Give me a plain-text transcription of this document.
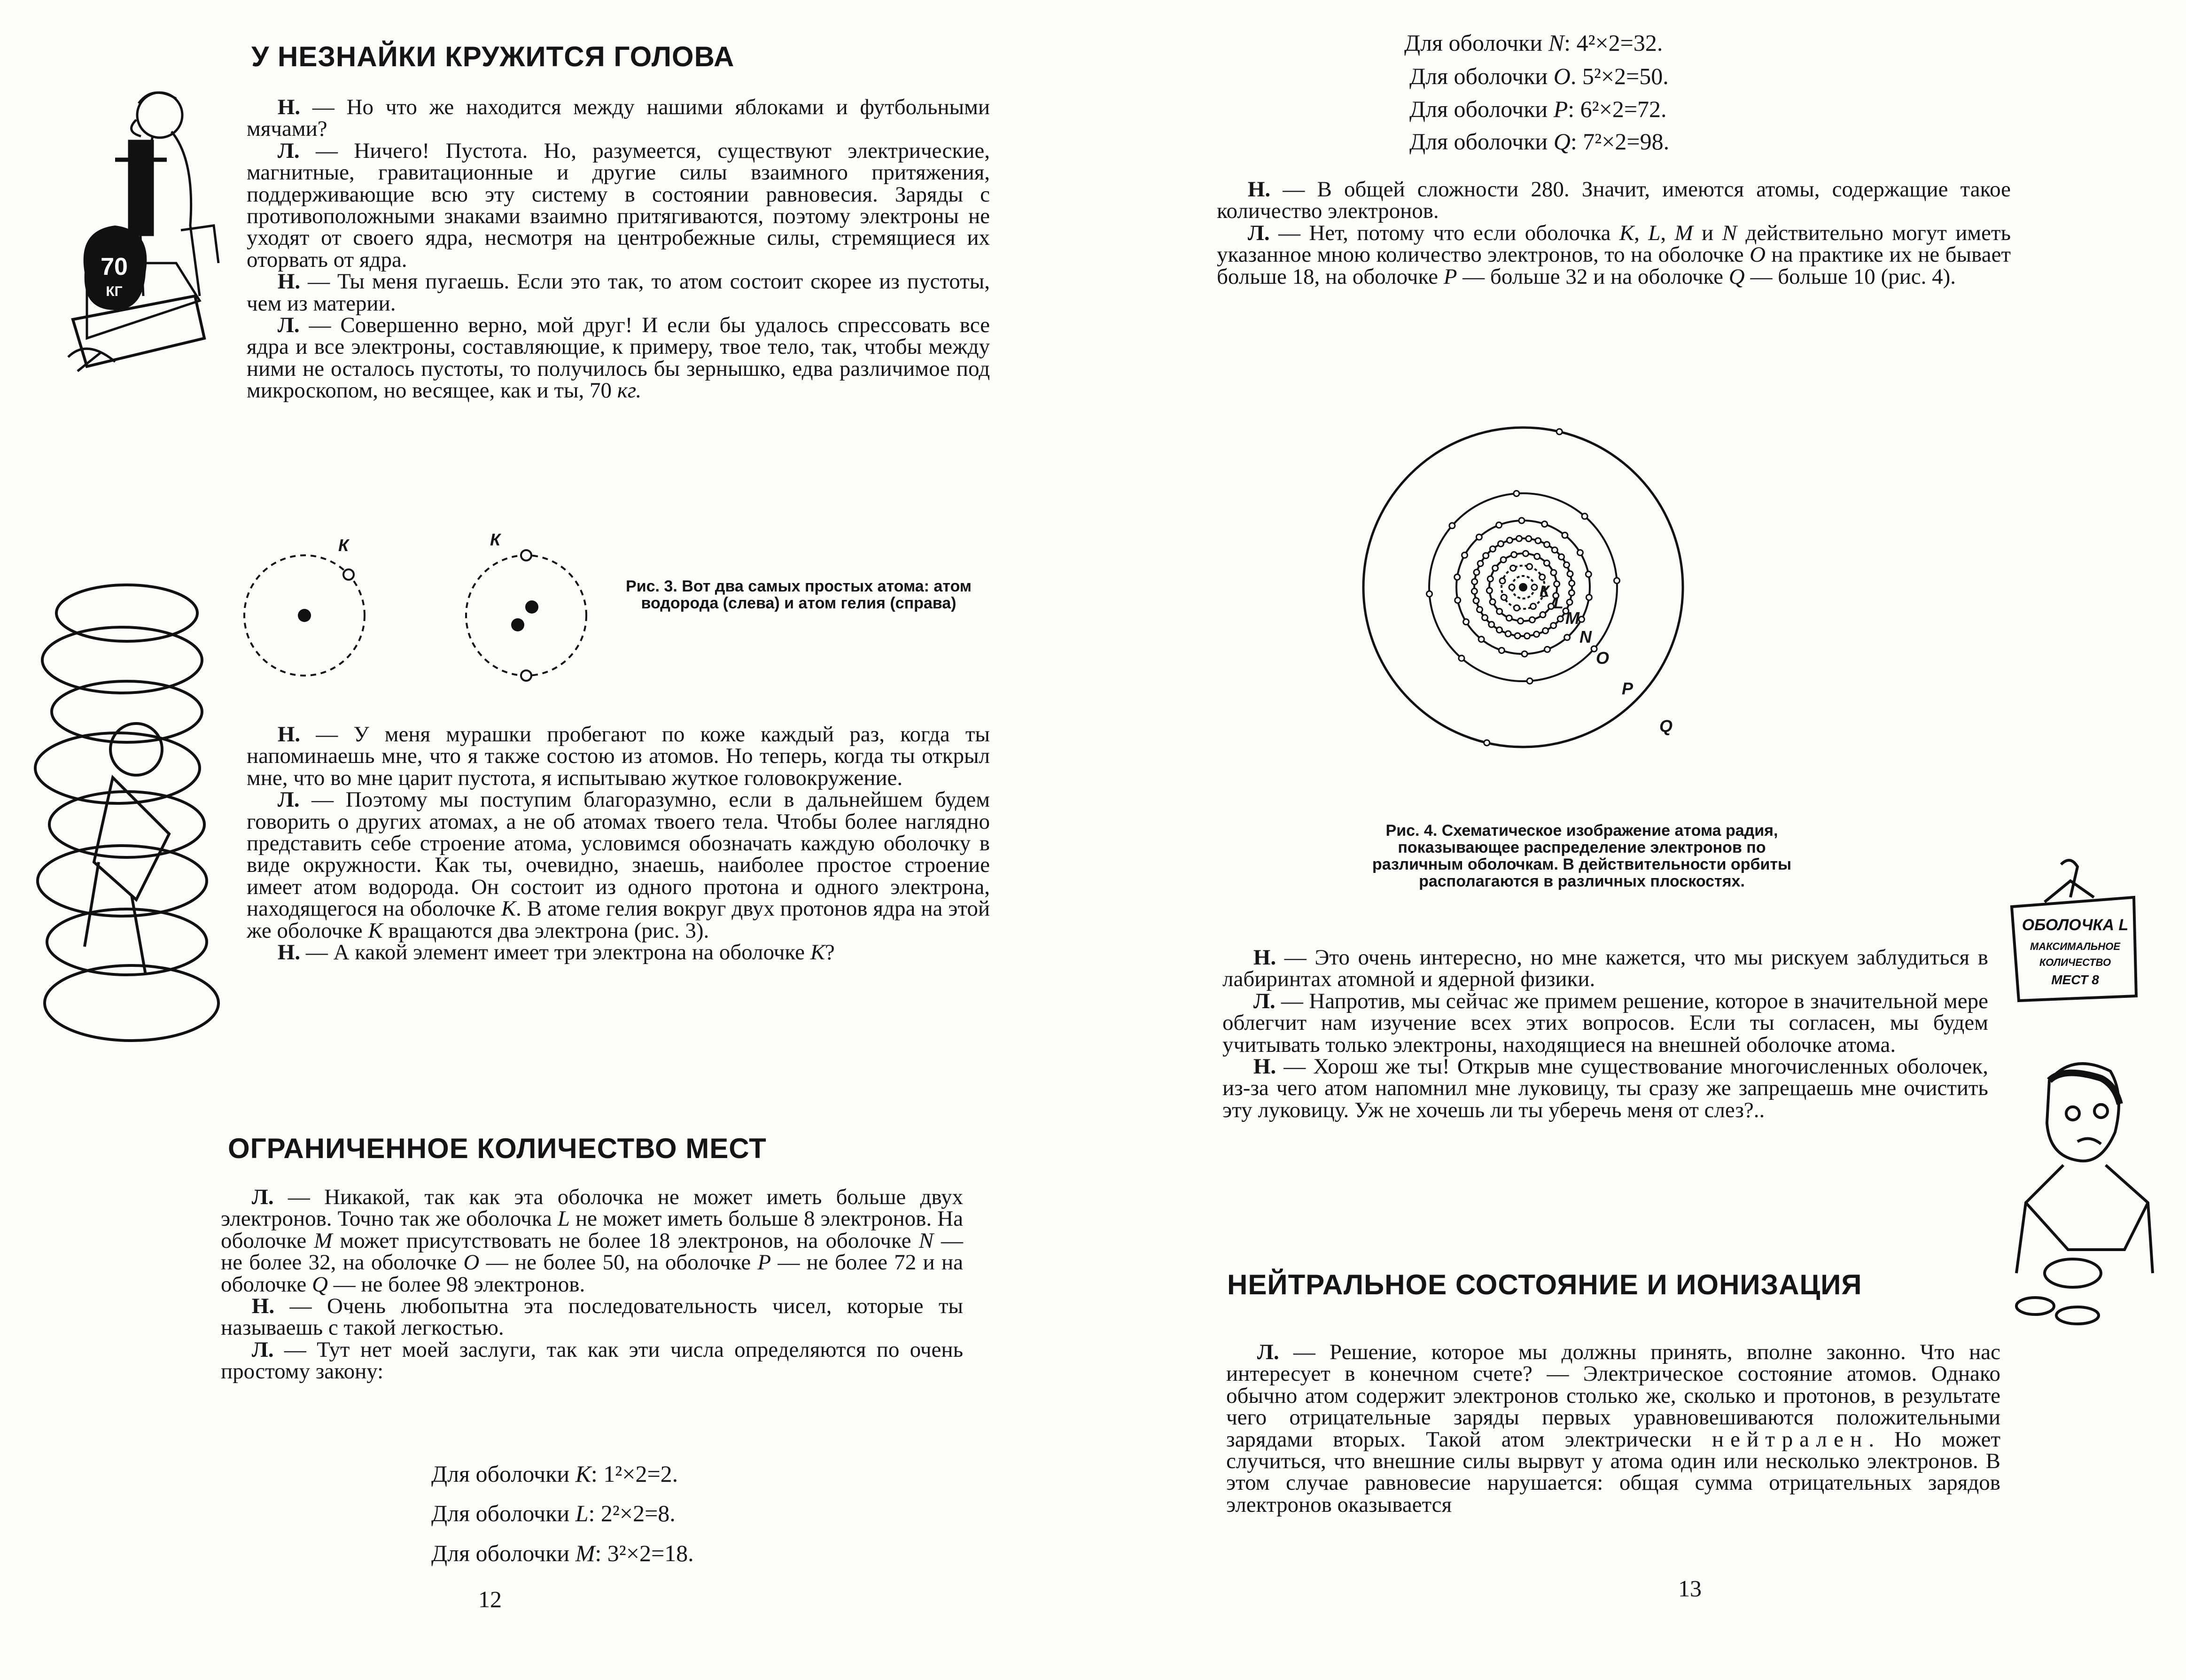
У НЕЗНАЙКИ КРУЖИТСЯ ГОЛОВА
70
КГ

Н. — Но что же находится между нашими яблоками и футбольными мячами?

Л. — Ничего! Пустота. Но, разумеется, существуют электрические, магнитные, гравитационные и другие силы взаимного притяжения, поддерживающие всю эту систему в состоянии равновесия. Заряды с противоположными знаками взаимно притягиваются, поэтому электроны не уходят от своего ядра, несмотря на центробежные силы, стремящиеся их оторвать от ядра.

Н. — Ты меня пугаешь. Если это так, то атом состоит скорее из пустоты, чем из материи.

Л. — Совершенно верно, мой друг! И если бы удалось спрессовать все ядра и все электроны, составляющие, к примеру, твое тело, так, чтобы между ними не осталось пустоты, то получилось бы зернышко, едва различимое под микроскопом, но весящее, как и ты, 70 кг.

К	К

Рис. 3. Вот два самых простых атома: атом водорода (слева) и атом гелия (справа)

Н. — У меня мурашки пробегают по коже каждый раз, когда ты напоминаешь мне, что я также состою из атомов. Но теперь, когда ты открыл мне, что во мне царит пустота, я испытываю жуткое головокружение.

Л. — Поэтому мы поступим благоразумно, если в дальнейшем будем говорить о других атомах, а не об атомах твоего тела. Чтобы более наглядно представить себе строение атома, условимся обозначать каждую оболочку в виде окружности. Как ты, очевидно, знаешь, наиболее простое строение имеет атом водорода. Он состоит из одного протона и одного электрона, находящегося на оболочке К. В атоме гелия вокруг двух протонов ядра на этой же оболочке К вращаются два электрона (рис. 3).

Н. — А какой элемент имеет три электрона на оболочке К?

ОГРАНИЧЕННОЕ КОЛИЧЕСТВО МЕСТ

Л. — Никакой, так как эта оболочка не может иметь больше двух электронов. Точно так же оболочка L не может иметь больше 8 электронов. На оболочке М может присутствовать не более 18 электронов, на оболочке N — не более 32, на оболочке О — не более 50, на оболочке Р — не более 72 и на оболочке Q — не более 98 электронов.

Н. — Очень любопытна эта последовательность чисел, которые ты называешь с такой легкостью.

Л. — Тут нет моей заслуги, так как эти числа определяются по очень простому закону:

Для оболочки К: 1²×2=2.

Для оболочки L: 2²×2=8.

Для оболочки М: 3²×2=18.

12

Для оболочки N: 4²×2=32.

Для оболочки О. 5²×2=50.

Для оболочки Р: 6²×2=72.

Для оболочки Q: 7²×2=98.

Н. — В общей сложности 280. Значит, имеются атомы, содержащие такое количество электронов.

Л. — Нет, потому что если оболочка К, L, М и N действительно могут иметь указанное мною количество электронов, то на оболочке О на практике их не бывает больше 18, на оболочке Р — больше 32 и на оболочке Q — больше 10 (рис. 4).

К
L
М
N
О
Р
Q

Рис. 4. Схематическое изображение атома радия, показывающее распределение электронов по различным оболочкам. В действительности орбиты располагаются в различных плоскостях.

ОБОЛОЧКА L
МАКСИМАЛЬНОЕ
КОЛИЧЕСТВО
МЕСТ 8

Н. — Это очень интересно, но мне кажется, что мы рискуем заблудиться в лабиринтах атомной и ядерной физики.

Л. — Напротив, мы сейчас же примем решение, которое в значительной мере облегчит нам изучение всех этих вопросов. Если ты согласен, мы будем учитывать только электроны, находящиеся на внешней оболочке атома.

Н. — Хорош же ты! Открыв мне существование многочисленных оболочек, из-за чего атом напомнил мне луковицу, ты сразу же запрещаешь мне очистить эту луковицу. Уж не хочешь ли ты уберечь меня от слез?..

НЕЙТРАЛЬНОЕ СОСТОЯНИЕ И ИОНИЗАЦИЯ

Л. — Решение, которое мы должны принять, вполне законно. Что нас интересует в конечном счете? — Электрическое состояние атомов. Однако обычно атом содержит электронов столько же, сколько и протонов, в результате чего отрицательные заряды первых уравновешиваются положительными зарядами вторых. Такой атом электрически нейтрален. Но может случиться, что внешние силы вырвут у атома один или несколько электронов. В этом случае равновесие нарушается: общая сумма отрицательных зарядов электронов оказывается

13
